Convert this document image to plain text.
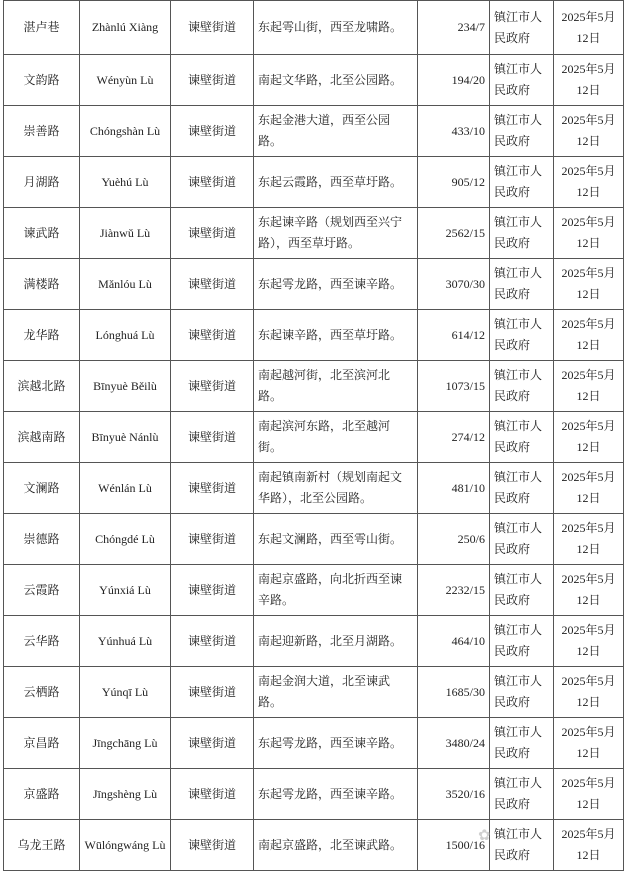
湛卢巷	Zhànlú Xiàng	谏壁街道	东起雩山街，西至龙啸路。	234/7	镇江市人民政府	2025年5月12日
文韵路	Wényùn Lù	谏壁街道	南起文华路，北至公园路。	194/20	镇江市人民政府	2025年5月12日
崇善路	Chóngshàn Lù	谏壁街道	东起金港大道，西至公园路。	433/10	镇江市人民政府	2025年5月12日
月湖路	Yuèhú Lù	谏壁街道	东起云霞路，西至草圩路。	905/12	镇江市人民政府	2025年5月12日
谏武路	Jiànwǔ Lù	谏壁街道	东起谏辛路（规划西至兴宁路），西至草圩路。	2562/15	镇江市人民政府	2025年5月12日
满楼路	Mǎnlóu Lù	谏壁街道	东起雩龙路，西至谏辛路。	3070/30	镇江市人民政府	2025年5月12日
龙华路	Lónghuá Lù	谏壁街道	东起谏辛路，西至草圩路。	614/12	镇江市人民政府	2025年5月12日
滨越北路	Bīnyuè Běilù	谏壁街道	南起越河街，北至滨河北路。	1073/15	镇江市人民政府	2025年5月12日
滨越南路	Bīnyuè Nánlù	谏壁街道	南起滨河东路，北至越河街。	274/12	镇江市人民政府	2025年5月12日
文澜路	Wénlán Lù	谏壁街道	南起镇南新村（规划南起文华路），北至公园路。	481/10	镇江市人民政府	2025年5月12日
崇德路	Chóngdé Lù	谏壁街道	东起文澜路，西至雩山街。	250/6	镇江市人民政府	2025年5月12日
云霞路	Yúnxiá Lù	谏壁街道	南起京盛路，向北折西至谏辛路。	2232/15	镇江市人民政府	2025年5月12日
云华路	Yúnhuá Lù	谏壁街道	南起迎新路，北至月湖路。	464/10	镇江市人民政府	2025年5月12日
云栖路	Yúnqī Lù	谏壁街道	南起金润大道，北至谏武路。	1685/30	镇江市人民政府	2025年5月12日
京昌路	Jīngchāng Lù	谏壁街道	东起雩龙路，西至谏辛路。	3480/24	镇江市人民政府	2025年5月12日
京盛路	Jīngshèng Lù	谏壁街道	东起雩龙路，西至谏辛路。	3520/16	镇江市人民政府	2025年5月12日
乌龙王路	Wūlóngwáng Lù	谏壁街道	南起京盛路，北至谏武路。	1500/16	镇江市人民政府	2025年5月12日
✿
